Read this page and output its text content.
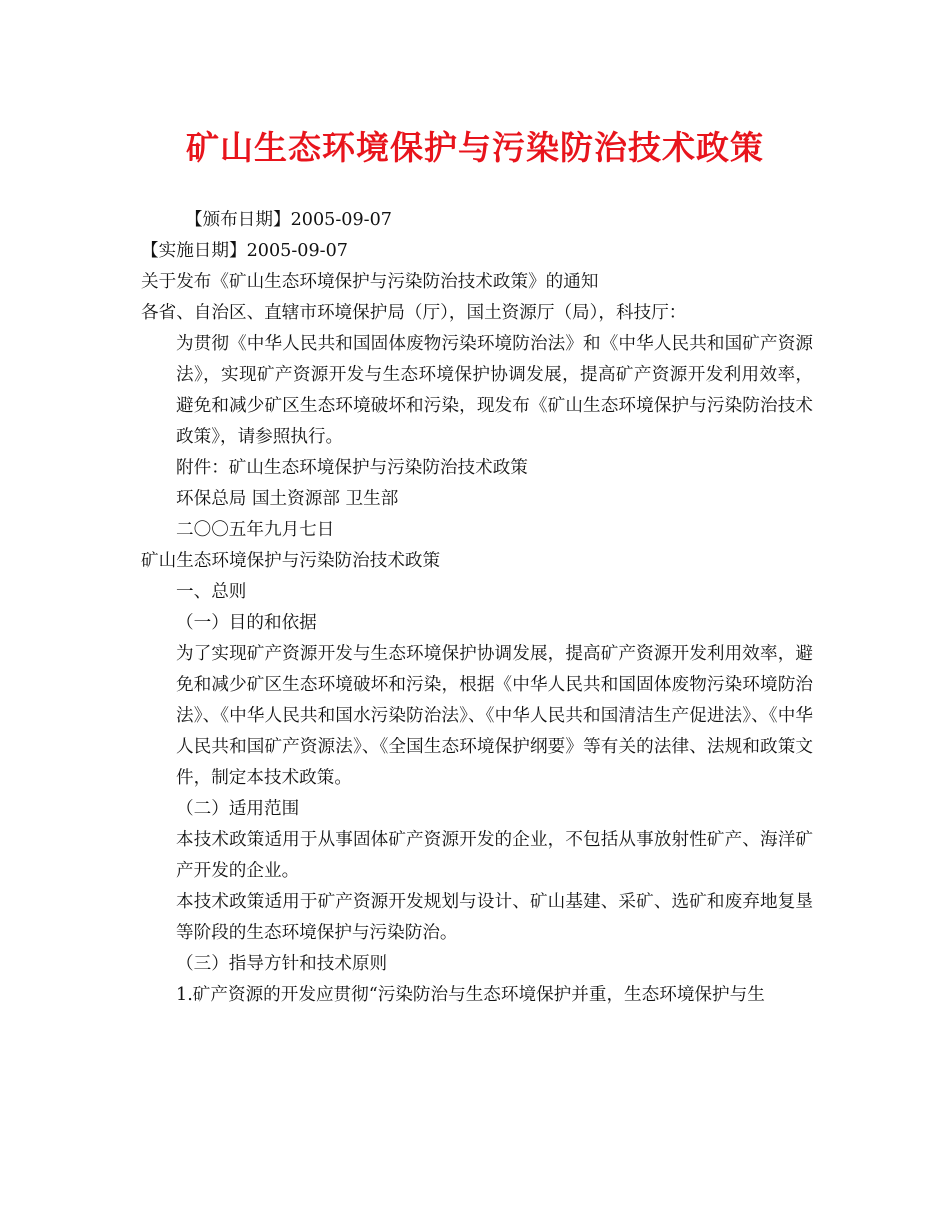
矿山生态环境保护与污染防治技术政策

【颁布日期】2005-09-07

【实施日期】2005-09-07

关于发布《矿山生态环境保护与污染防治技术政策》的通知

各省、自治区、直辖市环境保护局（厅），国土资源厅（局），科技厅：

为贯彻《中华人民共和国固体废物污染环境防治法》和《中华人民共和国矿产资源法》，实现矿产资源开发与生态环境保护协调发展，提高矿产资源开发利用效率，避免和减少矿区生态环境破坏和污染，现发布《矿山生态环境保护与污染防治技术政策》，请参照执行。

附件：矿山生态环境保护与污染防治技术政策

环保总局 国土资源部 卫生部

二〇〇五年九月七日

矿山生态环境保护与污染防治技术政策

一、总则

（一）目的和依据

为了实现矿产资源开发与生态环境保护协调发展，提高矿产资源开发利用效率，避免和减少矿区生态环境破坏和污染，根据《中华人民共和国固体废物污染环境防治法》、《中华人民共和国水污染防治法》、《中华人民共和国清洁生产促进法》、《中华人民共和国矿产资源法》、《全国生态环境保护纲要》等有关的法律、法规和政策文件，制定本技术政策。

（二）适用范围

本技术政策适用于从事固体矿产资源开发的企业，不包括从事放射性矿产、海洋矿产开发的企业。

本技术政策适用于矿产资源开发规划与设计、矿山基建、采矿、选矿和废弃地复垦等阶段的生态环境保护与污染防治。

（三）指导方针和技术原则

1.矿产资源的开发应贯彻“污染防治与生态环境保护并重，生态环境保护与生
